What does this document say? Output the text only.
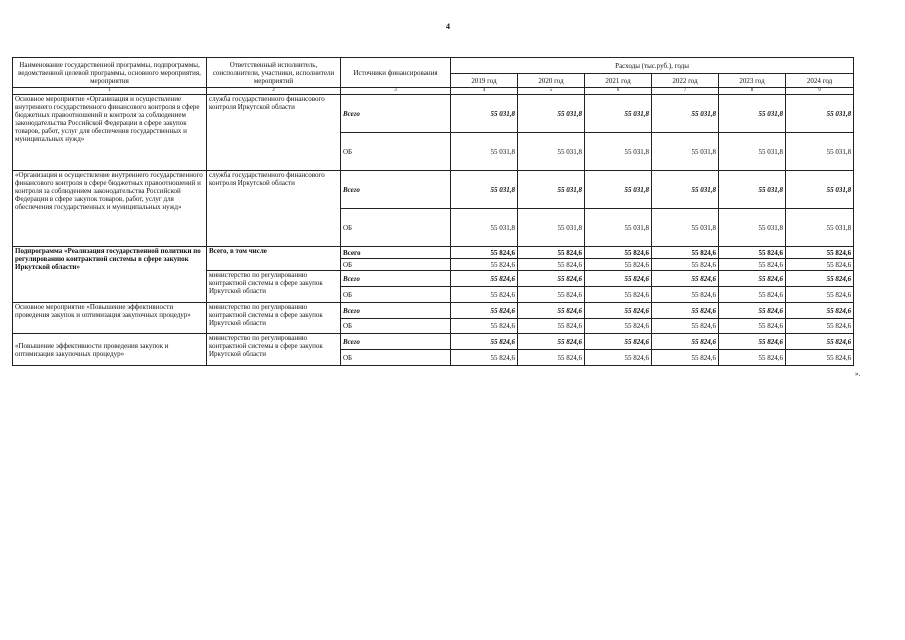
4
Наименование государственной программы, подпрограммы, ведомственной целевой программы, основного мероприятия, мероприятия	Ответственный исполнитель, соисполнители, участники, исполнители мероприятий	Источники финансирования	Расходы (тыс.руб.), годы					
			2019 год	2020 год	2021 год	2022 год	2023 год	2024 год
1	2	3	4	5	6	7	8	9
Основное мероприятие «Организация и осуществление внутреннего государственного финансового контроля в сфере бюджетных правоотношений и контроля за соблюдением законодательства Российской Федерации в сфере закупок товаров, работ, услуг для обеспечения государственных и муниципальных нужд»	служба государственного финансового контроля Иркутской области	Всего	55 031,8	55 031,8	55 031,8	55 031,8	55 031,8	55 031,8
		ОБ	55 031,8	55 031,8	55 031,8	55 031,8	55 031,8	55 031,8
«Организация и осуществление внутреннего государственного финансового контроля в сфере бюджетных правоотношений и контроля за соблюдением законодательства Российской Федерации в сфере закупок товаров, работ, услуг для обеспечения государственных и муниципальных нужд»	служба государственного финансового контроля Иркутской области	Всего	55 031,8	55 031,8	55 031,8	55 031,8	55 031,8	55 031,8
		ОБ	55 031,8	55 031,8	55 031,8	55 031,8	55 031,8	55 031,8
Подпрограмма «Реализация государственной политики по регулированию контрактной системы в сфере закупок Иркутской области»	Всего, в том числе	Всего	55 824,6	55 824,6	55 824,6	55 824,6	55 824,6	55 824,6
		ОБ	55 824,6	55 824,6	55 824,6	55 824,6	55 824,6	55 824,6
	министерство по регулированию контрактной системы в сфере закупок Иркутской области	Всего	55 824,6	55 824,6	55 824,6	55 824,6	55 824,6	55 824,6
		ОБ	55 824,6	55 824,6	55 824,6	55 824,6	55 824,6	55 824,6
Основное мероприятие «Повышение эффективности проведения закупок и оптимизация закупочных процедур»	министерство по регулированию контрактной системы в сфере закупок Иркутской области	Всего	55 824,6	55 824,6	55 824,6	55 824,6	55 824,6	55 824,6
		ОБ	55 824,6	55 824,6	55 824,6	55 824,6	55 824,6	55 824,6
«Повышение эффективности проведения закупок и оптимизация закупочных процедур»	министерство по регулированию контрактной системы в сфере закупок Иркутской области	Всего	55 824,6	55 824,6	55 824,6	55 824,6	55 824,6	55 824,6
		ОБ	55 824,6	55 824,6	55 824,6	55 824,6	55 824,6	55 824,6
».
